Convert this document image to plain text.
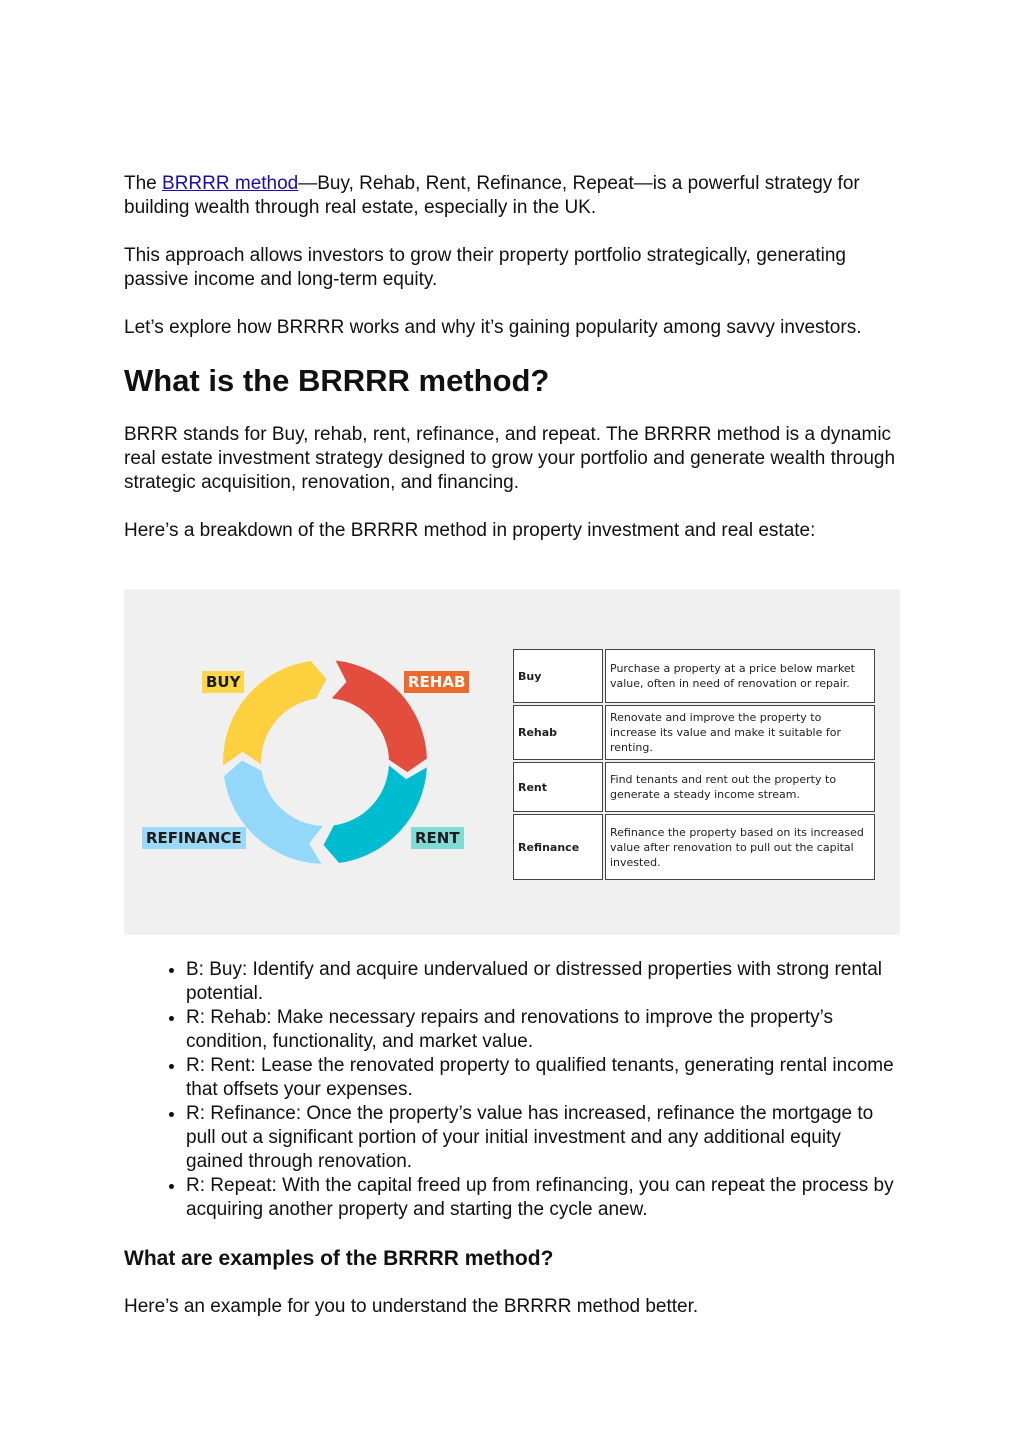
The BRRRR method—Buy, Rehab, Rent, Refinance, Repeat—is a powerful strategy for building wealth through real estate, especially in the UK.

This approach allows investors to grow their property portfolio strategically, generating passive income and long-term equity.

Let’s explore how BRRRR works and why it’s gaining popularity among savvy investors.

What is the BRRRR method?

BRRR stands for Buy, rehab, rent, refinance, and repeat. The BRRRR method is a dynamic real estate investment strategy designed to grow your portfolio and generate wealth through strategic acquisition, renovation, and financing.

Here’s a breakdown of the BRRRR method in property investment and real estate:

BUY	REHAB
REFINANCE	RENT
Buy	Purchase a property at a price below market value, often in need of renovation or repair.
Rehab	Renovate and improve the property to increase its value and make it suitable for renting.
Rent	Find tenants and rent out the property to generate a steady income stream.
Refinance	Refinance the property based on its increased value after renovation to pull out the capital invested.
• B: Buy: Identify and acquire undervalued or distressed properties with strong rental potential.
• R: Rehab: Make necessary repairs and renovations to improve the property’s condition, functionality, and market value.
• R: Rent: Lease the renovated property to qualified tenants, generating rental income that offsets your expenses.
• R: Refinance: Once the property’s value has increased, refinance the mortgage to pull out a significant portion of your initial investment and any additional equity gained through renovation.
• R: Repeat: With the capital freed up from refinancing, you can repeat the process by acquiring another property and starting the cycle anew.
What are examples of the BRRRR method?

Here’s an example for you to understand the BRRRR method better.
